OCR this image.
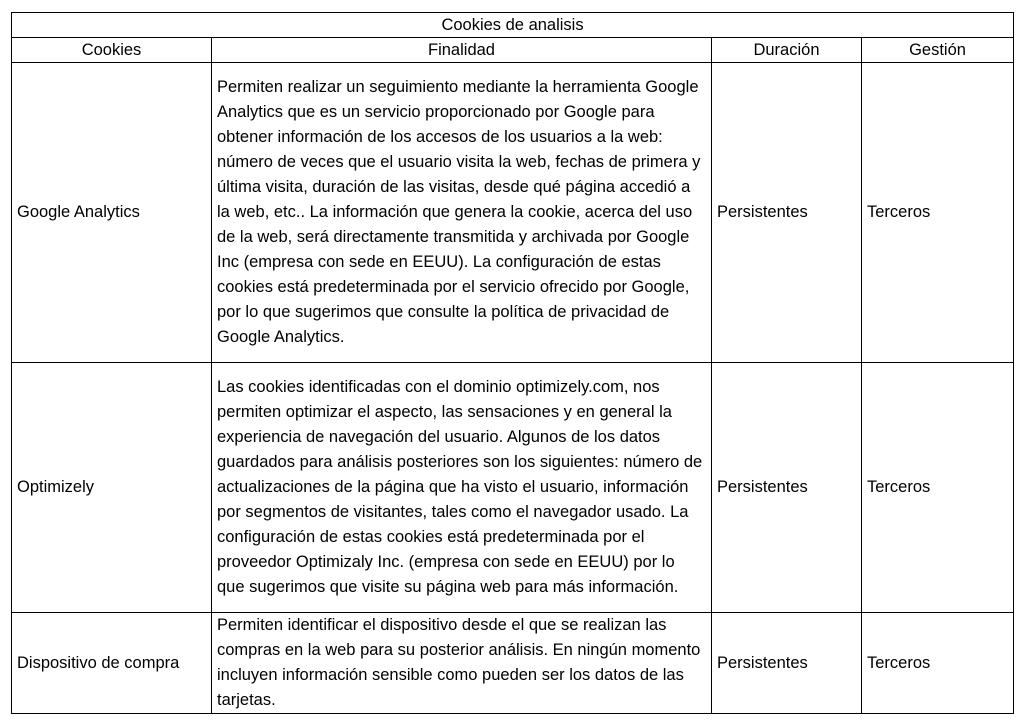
Cookies de analisis			
Cookies	Finalidad	Duración	Gestión
Google Analytics	Permiten realizar un seguimiento mediante la herramienta Google Analytics que es un servicio proporcionado por Google para obtener información de los accesos de los usuarios a la web: número de veces que el usuario visita la web, fechas de primera y última visita, duración de las visitas, desde qué página accedió a la web, etc.. La información que genera la cookie, acerca del uso de la web, será directamente transmitida y archivada por Google Inc (empresa con sede en EEUU). La configuración de estas cookies está predeterminada por el servicio ofrecido por Google, por lo que sugerimos que consulte la política de privacidad de Google Analytics.	Persistentes	Terceros
Optimizely	Las cookies identificadas con el dominio optimizely.com, nos permiten optimizar el aspecto, las sensaciones y en general la experiencia de navegación del usuario. Algunos de los datos guardados para análisis posteriores son los siguientes: número de actualizaciones de la página que ha visto el usuario, información por segmentos de visitantes, tales como el navegador usado. La configuración de estas cookies está predeterminada por el proveedor Optimizaly Inc. (empresa con sede en EEUU) por lo que sugerimos que visite su página web para más información.	Persistentes	Terceros
Dispositivo de compra	Permiten identificar el dispositivo desde el que se realizan las compras en la web para su posterior análisis. En ningún momento incluyen información sensible como pueden ser los datos de las tarjetas.	Persistentes	Terceros
